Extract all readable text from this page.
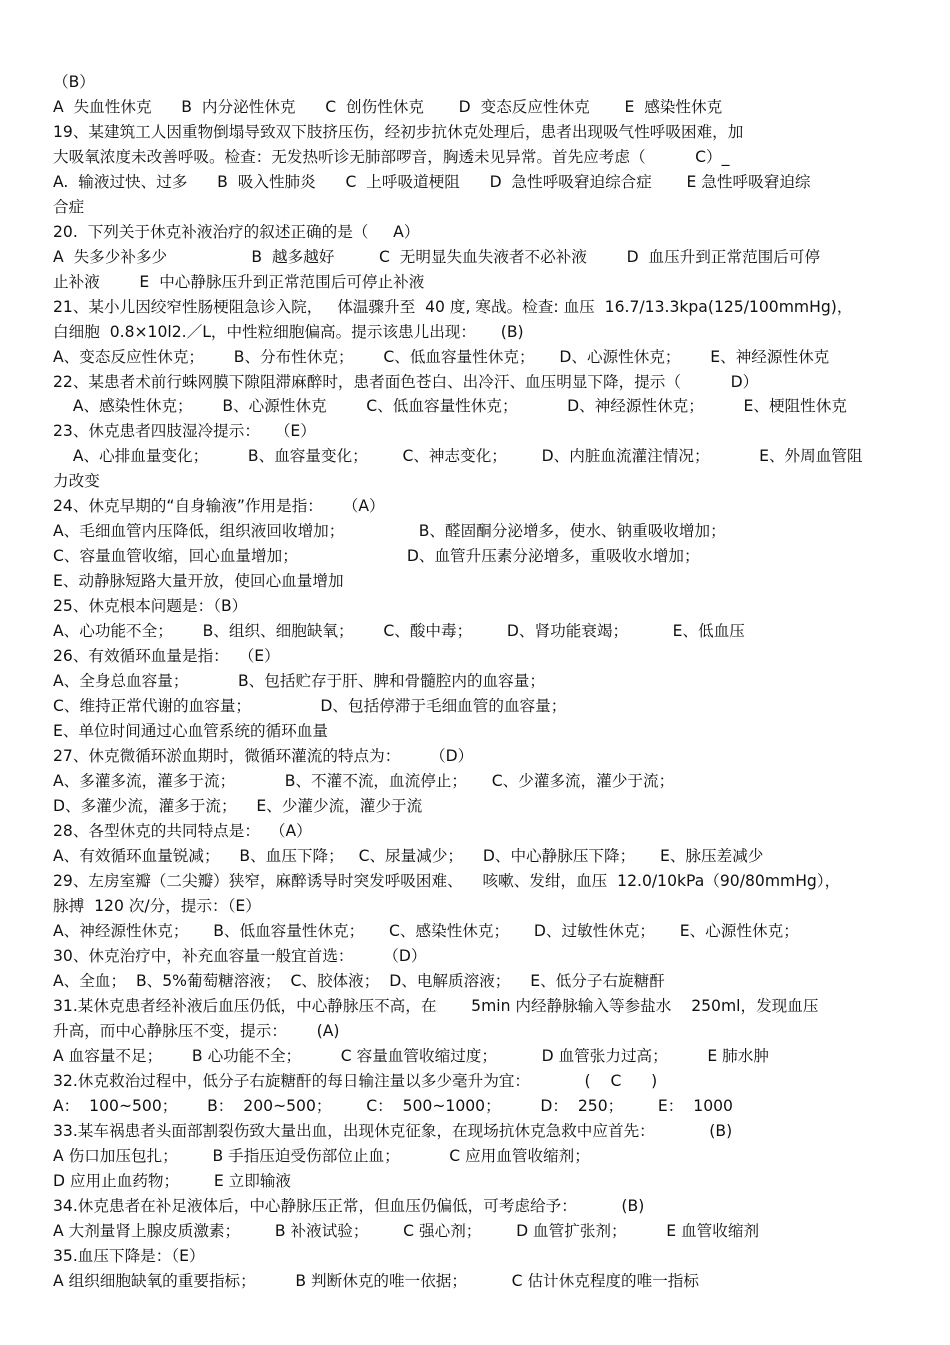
（B）
A  失血性休克      B  内分泌性休克      C  创伤性休克       D  变态反应性休克       E  感染性休克
19、某建筑工人因重物倒塌导致双下肢挤压伤，经初步抗休克处理后，患者出现吸气性呼吸困难，加
大吸氧浓度未改善呼吸。检查：无发热听诊无肺部啰音，胸透未见异常。首先应考虑（          C）_
A.  输液过快、过多      B  吸入性肺炎      C  上呼吸道梗阻      D  急性呼吸窘迫综合症       E 急性呼吸窘迫综
合症
20.  下列关于休克补液治疗的叙述正确的是（     A）
A  失多少补多少                 B  越多越好         C  无明显失血失液者不必补液        D  血压升到正常范围后可停
止补液        E  中心静脉压升到正常范围后可停止补液
21、某小儿因绞窄性肠梗阻急诊入院，   体温骤升至  40 度, 寒战。检查: 血压  16.7/13.3kpa(125/100mmHg)，
白细胞  0.8×10l2.／L，中性粒细胞偏高。提示该患儿出现：     (B)
A、变态反应性休克；      B、分布性休克；      C、低血容量性休克；     D、心源性休克；      E、神经源性休克
22、某患者术前行蛛网膜下隙阻滞麻醉时，患者面色苍白、出冷汗、血压明显下降，提示（          D）
A、感染性休克；      B、心源性休克        C、低血容量性休克；          D、神经源性休克；        E、梗阻性休克
23、休克患者四肢湿冷提示：   （E）
A、心排血量变化；        B、血容量变化；       C、神志变化；       D、内脏血流灌注情况；          E、外周血管阻
力改变
24、休克早期的“自身输液”作用是指：    （A）
A、毛细血管内压降低，组织液回收增加；               B、醛固酮分泌增多，使水、钠重吸收增加；
C、容量血管收缩，回心血量增加；                      D、血管升压素分泌增多，重吸收水增加；
E、动静脉短路大量开放，使回心血量增加
25、休克根本问题是：（B）
A、心功能不全；      B、组织、细胞缺氧；      C、酸中毒；       D、肾功能衰竭；         E、低血压
26、有效循环血量是指：  （E）
A、全身总血容量；          B、包括贮存于肝、脾和骨髓腔内的血容量；
C、维持正常代谢的血容量；              D、包括停滞于毛细血管的血容量；
E、单位时间通过心血管系统的循环血量
27、休克微循环淤血期时，微循环灌流的特点为：      （D）
A、多灌多流，灌多于流；          B、不灌不流，血流停止；     C、少灌多流，灌少于流；
D、多灌少流，灌多于流；    E、少灌少流，灌少于流
28、各型休克的共同特点是：  （A）
A、有效循环血量锐减；    B、血压下降；   C、尿量减少；    D、中心静脉压下降；     E、脉压差减少
29、左房室瓣（二尖瓣）狭窄，麻醉诱导时突发呼吸困难、    咳嗽、发绀，血压  12.0/10kPa（90/80mmHg），
脉搏  120 次/分，提示：（E）
A、神经源性休克；     B、低血容量性休克；     C、感染性休克；     D、过敏性休克；     E、心源性休克；
30、休克治疗中，补充血容量一般宜首选：      （D）
A、全血；  B、5%葡萄糖溶液；  C、胶体液；  D、电解质溶液；    E、低分子右旋糖酐
31.某休克患者经补液后血压仍低，中心静脉压不高，在       5min 内经静脉输入等参盐水    250ml，发现血压
升高，而中心静脉压不变，提示：      (A)
A 血容量不足；      B 心功能不全；        C 容量血管收缩过度；         D 血管张力过高；        E 肺水肿
32.休克救治过程中，低分子右旋糖酐的每日输注量以多少毫升为宜：           (    C      )
A：  100~500；      B：  200~500；       C：  500~1000；        D：  250；       E：  1000
33.某车祸患者头面部割裂伤致大量出血，出现休克征象，在现场抗休克急救中应首先：           (B)
A 伤口加压包扎；       B 手指压迫受伤部位止血；          C 应用血管收缩剂；
D 应用止血药物；       E 立即输液
34.休克患者在补足液体后，中心静脉压正常，但血压仍偏低，可考虑给予：         (B)
A 大剂量肾上腺皮质激素；       B 补液试验；       C 强心剂；       D 血管扩张剂；        E 血管收缩剂
35.血压下降是：（E）
A 组织细胞缺氧的重要指标；        B 判断休克的唯一依据；         C 估计休克程度的唯一指标
